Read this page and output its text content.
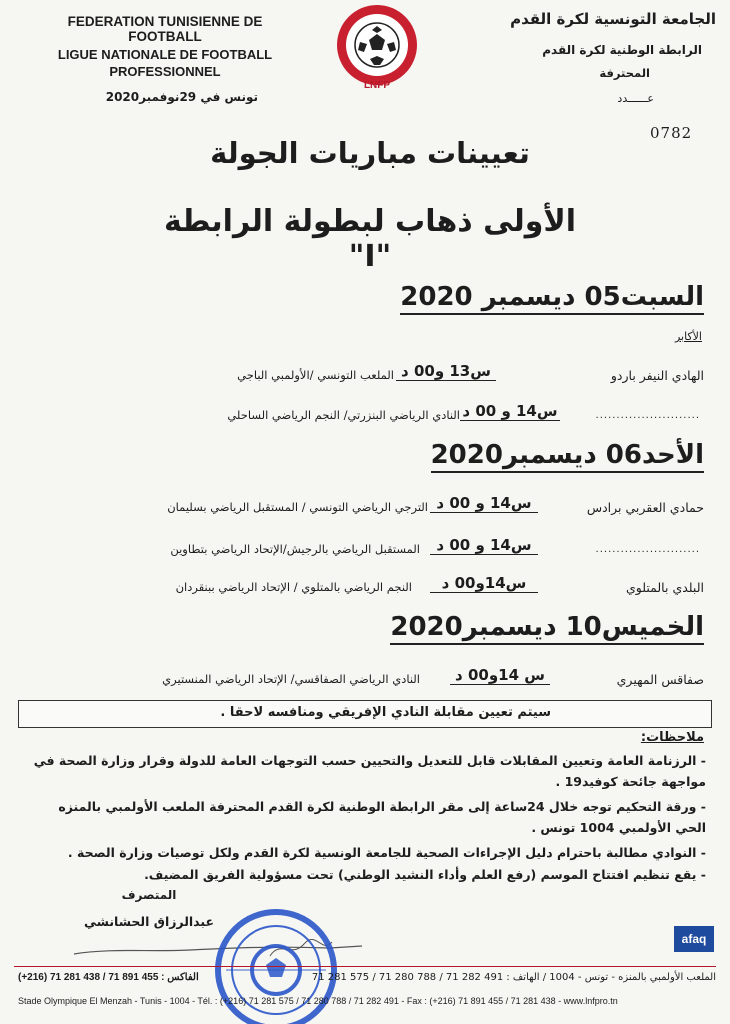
FEDERATION TUNISIENNE DE FOOTBALL
LIGUE NATIONALE DE FOOTBALL
PROFESSIONNEL
تونس في 29نوفمبر2020
الجامعة التونسية لكرة القدم
الرابطة الوطنية لكرة القدم
المحترفة
عــــــدد
0782
LNFP
تعيينات مباريات الجولة
الأولى ذهاب لبطولة الرابطة "I"
السبت05 ديسمبر 2020
الأكابر
الهادي النيفر باردو
س13 و00 د
الملعب التونسي /الأولمبي الباجي
.........................
س14 و 00 د
النادي الرياضي البنزرتي/ النجم الرياضي الساحلي
الأحد06 ديسمبر2020
حمادي العقربي برادس
س14 و 00 د
الترجي الرياضي التونسي / المستقبل الرياضي بسليمان
.........................
س14 و 00 د
المستقبل الرياضي بالرجيش/الإتحاد الرياضي بتطاوين
البلدي بالمتلوي
س14و00 د
النجم الرياضي بالمتلوي / الإتحاد الرياضي ببنقردان
الخميس10 ديسمبر2020
صفاقس المهيري
س 14و00 د
النادي الرياضي الصفاقسي/ الإتحاد الرياضي المنستيري
سيتم تعيين مقابلة النادي الإفريقي ومنافسه لاحقا .
ملاحظات:
- الرزنامة العامة وتعيين المقابلات قابل للتعديل والتحيين حسب التوجهات العامة للدولة وقرار وزارة الصحة في مواجهة جائحة كوفيد19 .
- ورقة التحكيم توجه خلال 24ساعة إلى مقر الرابطة الوطنية لكرة القدم المحترفة الملعب الأولمبي بالمنزه الحي الأولمبي 1004 تونس .
- النوادي مطالبة باحترام دليل الإجراءات الصحية للجامعة الونسية لكرة القدم ولكل توصيات وزارة الصحة .
- يقع تنظيم افتتاح الموسم (رفع العلم وأداء النشيد الوطني) تحت مسؤولية الفريق المضيف.
المتصرف
عبدالرزاق الحشانشي
afaq
الملعب الأولمبي بالمنزه - تونس - 1004 / الهاتف : 491 282 71 / 788 280 71 / 575 281 71
(+216) 71 281 438 / 71 891 455 : الفاكس
Stade Olympique El Menzah - Tunis - 1004 - Tél. : (+216) 71 281 575 / 71 280 788 / 71 282 491 - Fax : (+216) 71 891 455 / 71 281 438 - www.lnfpro.tn
